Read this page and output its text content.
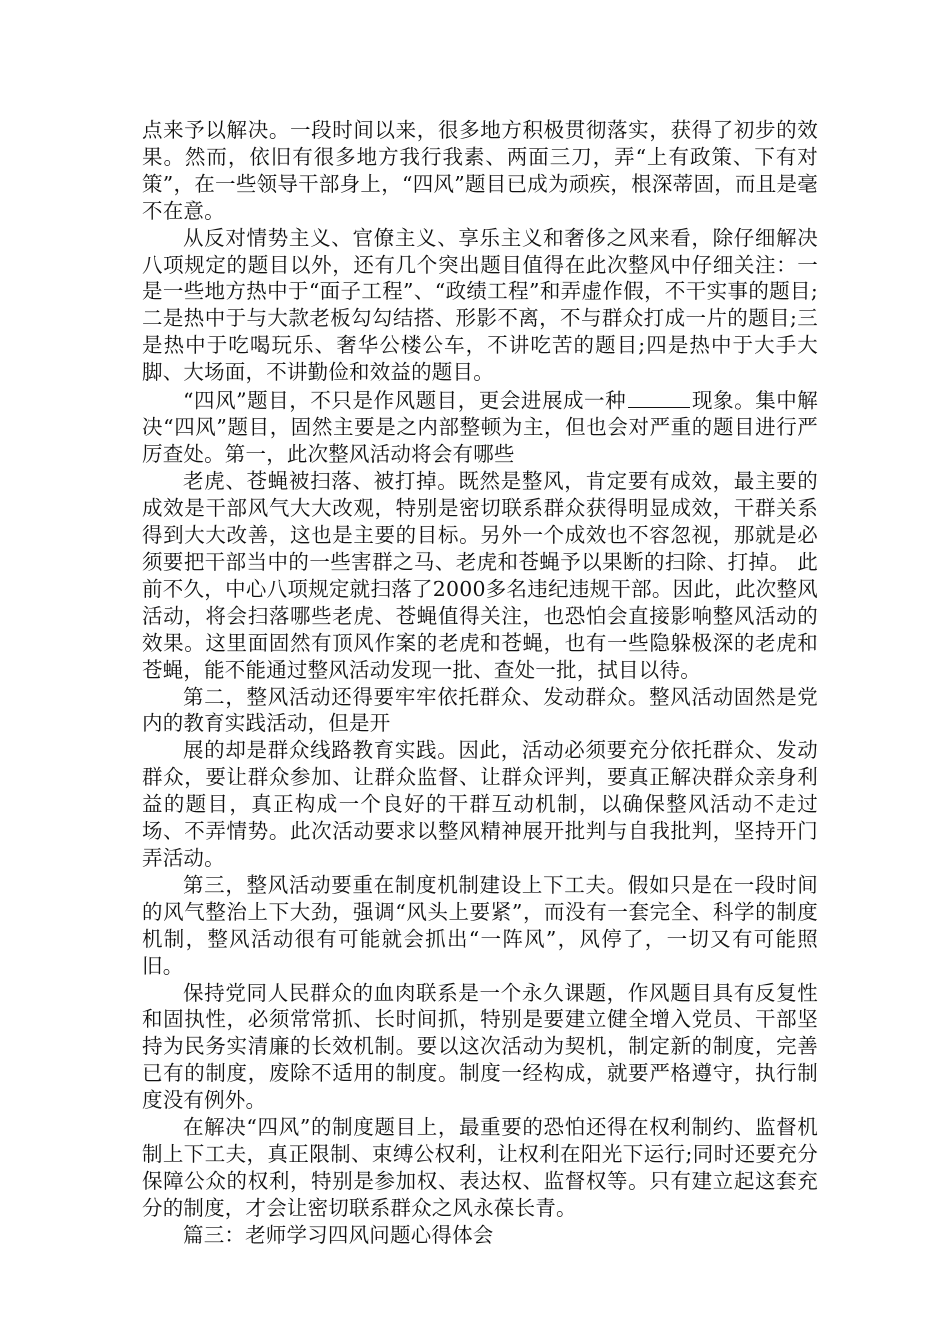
点来予以解决。一段时间以来，很多地方积极贯彻落实，获得了初步的效果。然而，依旧有很多地方我行我素、两面三刀，弄“上有政策、下有对策”，在一些领导干部身上，“四风”题目已成为顽疾，根深蒂固，而且是毫不在意。

从反对情势主义、官僚主义、享乐主义和奢侈之风来看，除仔细解决八项规定的题目以外，还有几个突出题目值得在此次整风中仔细关注：一是一些地方热中于“面子工程”、“政绩工程”和弄虚作假，不干实事的题目;二是热中于与大款老板勾勾结搭、形影不离，不与群众打成一片的题目;三是热中于吃喝玩乐、奢华公楼公车，不讲吃苦的题目;四是热中于大手大脚、大场面，不讲勤俭和效益的题目。

“四风”题目，不只是作风题目，更会进展成一种	现象。集中解决“四风”题目，固然主要是之内部整顿为主，但也会对严重的题目进行严厉查处。第一，此次整风活动将会有哪些

老虎、苍蝇被扫落、被打掉。既然是整风，肯定要有成效，最主要的成效是干部风气大大改观，特别是密切联系群众获得明显成效，干群关系得到大大改善，这也是主要的目标。另外一个成效也不容忽视，那就是必须要把干部当中的一些害群之马、老虎和苍蝇予以果断的扫除、打掉。 此前不久，中心八项规定就扫落了2000多名违纪违规干部。因此，此次整风活动，将会扫落哪些老虎、苍蝇值得关注，也恐怕会直接影响整风活动的效果。这里面固然有顶风作案的老虎和苍蝇，也有一些隐躲极深的老虎和苍蝇，能不能通过整风活动发现一批、查处一批，拭目以待。

第二，整风活动还得要牢牢依托群众、发动群众。整风活动固然是党内的教育实践活动，但是开

展的却是群众线路教育实践。因此，活动必须要充分依托群众、发动群众，要让群众参加、让群众监督、让群众评判，要真正解决群众亲身利益的题目，真正构成一个良好的干群互动机制，以确保整风活动不走过场、不弄情势。此次活动要求以整风精神展开批判与自我批判，坚持开门弄活动。

第三，整风活动要重在制度机制建设上下工夫。假如只是在一段时间的风气整治上下大劲，强调“风头上要紧”，而没有一套完全、科学的制度机制，整风活动很有可能就会抓出“一阵风”，风停了，一切又有可能照旧。

保持党同人民群众的血肉联系是一个永久课题，作风题目具有反复性和固执性，必须常常抓、长时间抓，特别是要建立健全增入党员、干部坚持为民务实清廉的长效机制。要以这次活动为契机，制定新的制度，完善已有的制度，废除不适用的制度。制度一经构成，就要严格遵守，执行制度没有例外。

在解决“四风”的制度题目上，最重要的恐怕还得在权利制约、监督机制上下工夫，真正限制、束缚公权利，让权利在阳光下运行;同时还要充分保障公众的权利，特别是参加权、表达权、监督权等。只有建立起这套充分的制度，才会让密切联系群众之风永葆长青。

篇三：老师学习四风问题心得体会
